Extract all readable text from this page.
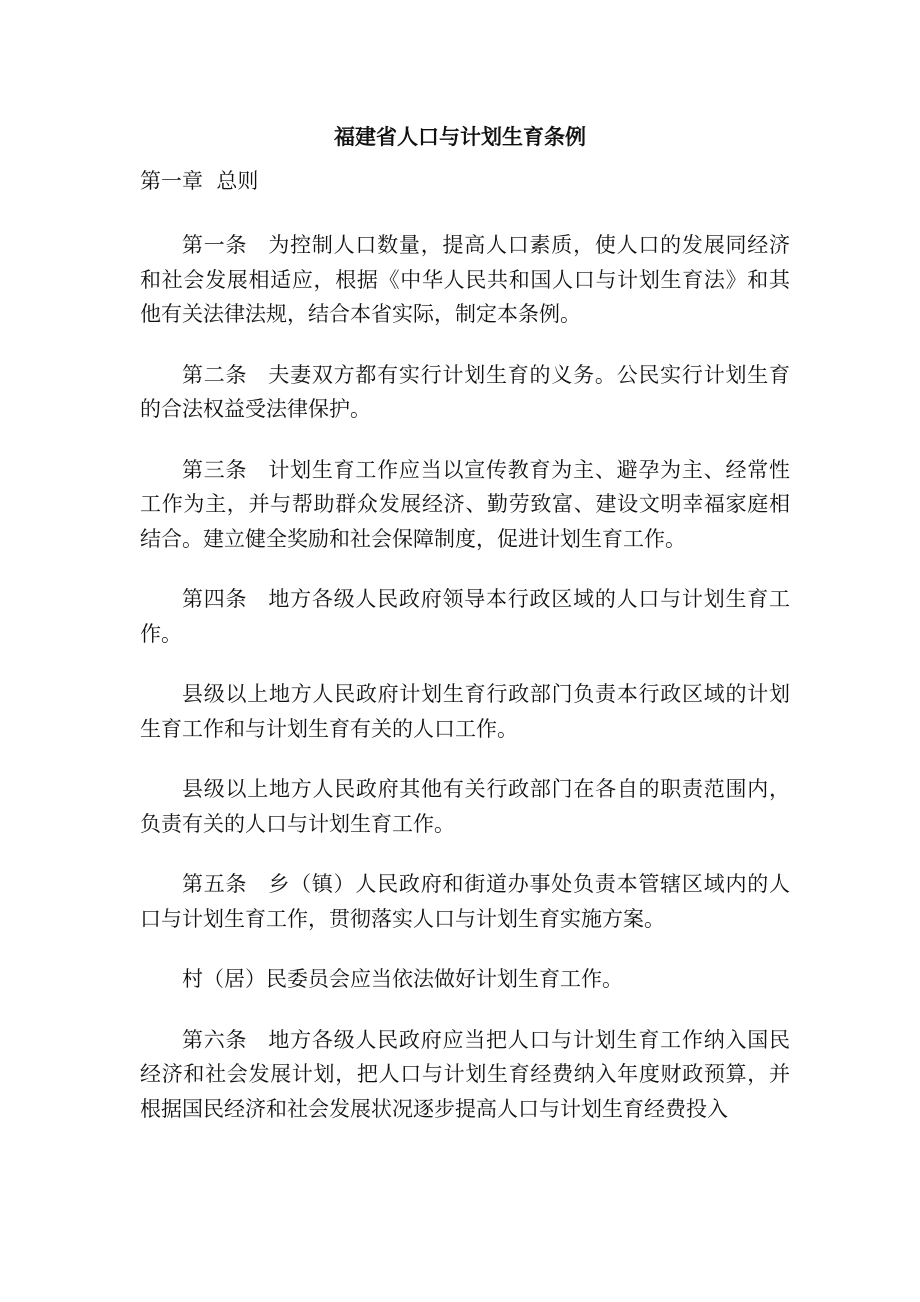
福建省人口与计划生育条例

第一章  总则

第一条 为控制人口数量，提高人口素质，使人口的发展同经济和社会发展相适应，根据《中华人民共和国人口与计划生育法》和其他有关法律法规，结合本省实际，制定本条例。

第二条 夫妻双方都有实行计划生育的义务。公民实行计划生育的合法权益受法律保护。

第三条 计划生育工作应当以宣传教育为主、避孕为主、经常性工作为主，并与帮助群众发展经济、勤劳致富、建设文明幸福家庭相结合。建立健全奖励和社会保障制度，促进计划生育工作。

第四条 地方各级人民政府领导本行政区域的人口与计划生育工作。

县级以上地方人民政府计划生育行政部门负责本行政区域的计划生育工作和与计划生育有关的人口工作。

县级以上地方人民政府其他有关行政部门在各自的职责范围内，负责有关的人口与计划生育工作。

第五条 乡（镇）人民政府和街道办事处负责本管辖区域内的人口与计划生育工作，贯彻落实人口与计划生育实施方案。

村（居）民委员会应当依法做好计划生育工作。

第六条 地方各级人民政府应当把人口与计划生育工作纳入国民经济和社会发展计划，把人口与计划生育经费纳入年度财政预算，并根据国民经济和社会发展状况逐步提高人口与计划生育经费投入
